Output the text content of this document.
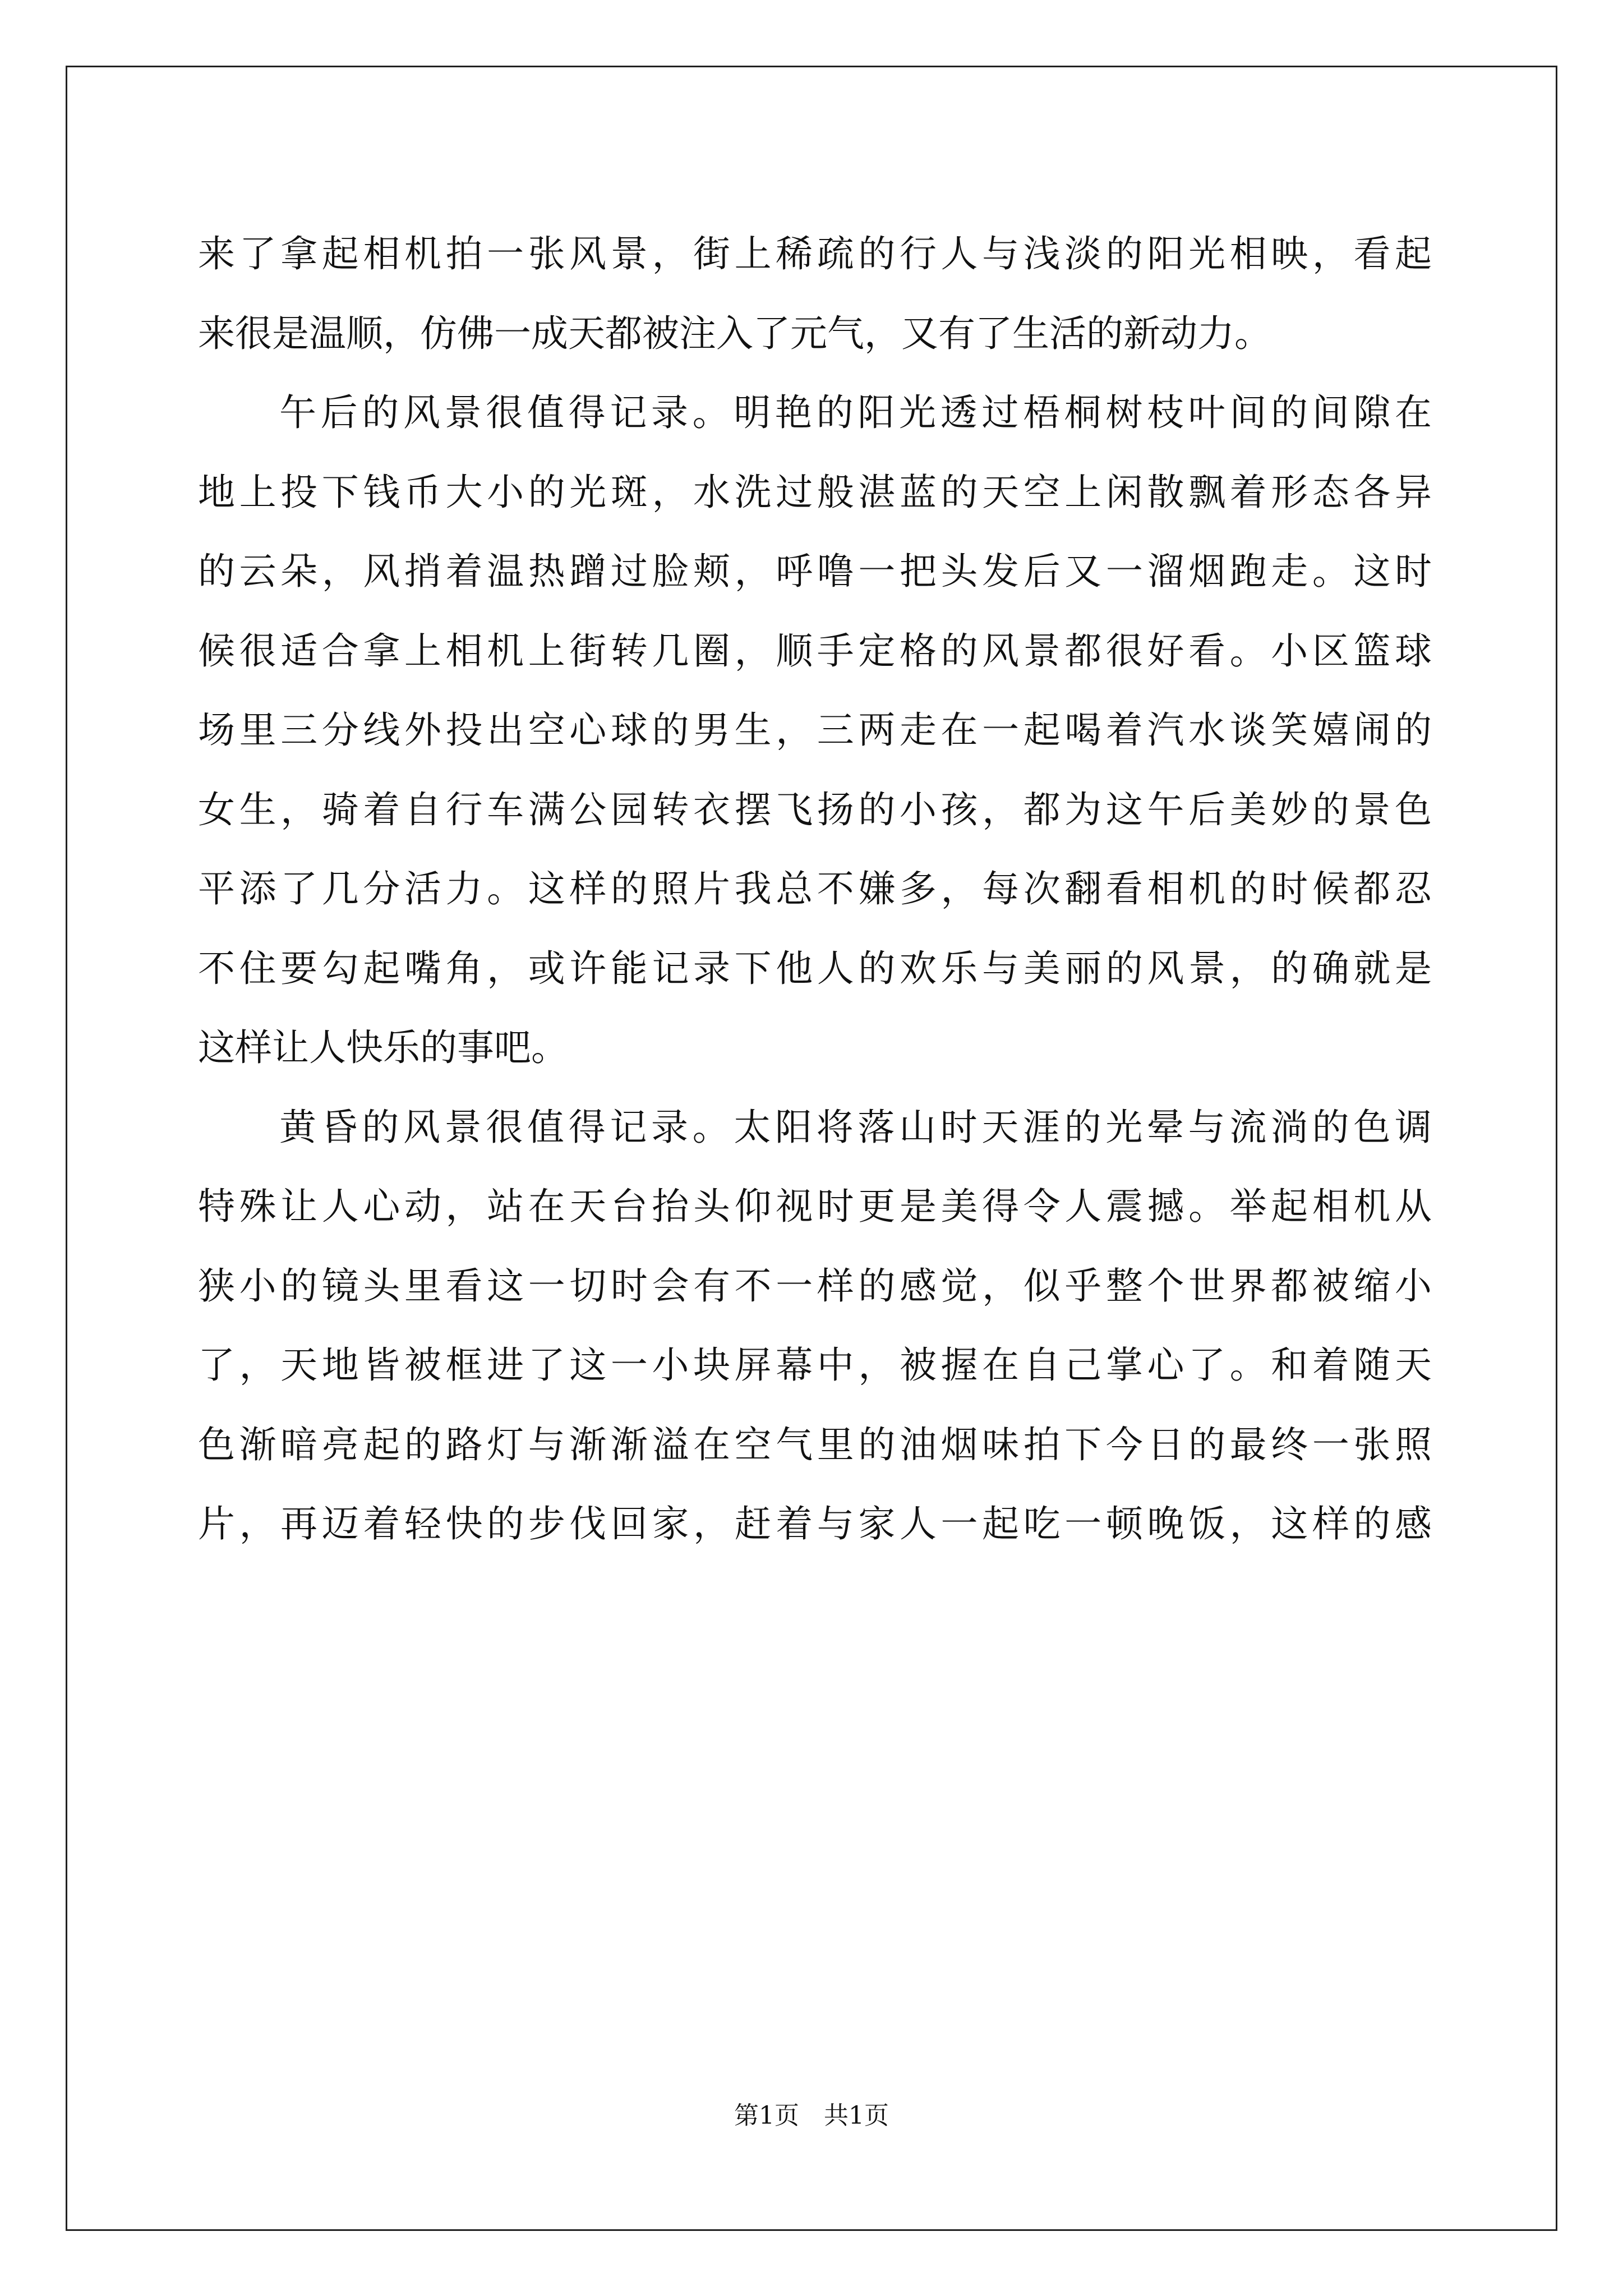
来了拿起相机拍一张风景，街上稀疏的行人与浅淡的阳光相映，看起
来很是温顺，仿佛一成天都被注入了元气，又有了生活的新动力。
午后的风景很值得记录。明艳的阳光透过梧桐树枝叶间的间隙在
地上投下钱币大小的光斑，水洗过般湛蓝的天空上闲散飘着形态各异
的云朵，风捎着温热蹭过脸颊，呼噜一把头发后又一溜烟跑走。这时
候很适合拿上相机上街转几圈，顺手定格的风景都很好看。小区篮球
场里三分线外投出空心球的男生，三两走在一起喝着汽水谈笑嬉闹的
女生，骑着自行车满公园转衣摆飞扬的小孩，都为这午后美妙的景色
平添了几分活力。这样的照片我总不嫌多，每次翻看相机的时候都忍
不住要勾起嘴角，或许能记录下他人的欢乐与美丽的风景，的确就是
这样让人快乐的事吧。
黄昏的风景很值得记录。太阳将落山时天涯的光晕与流淌的色调
特殊让人心动，站在天台抬头仰视时更是美得令人震撼。举起相机从
狭小的镜头里看这一切时会有不一样的感觉，似乎整个世界都被缩小
了，天地皆被框进了这一小块屏幕中，被握在自己掌心了。和着随天
色渐暗亮起的路灯与渐渐溢在空气里的油烟味拍下今日的最终一张照
片，再迈着轻快的步伐回家，赶着与家人一起吃一顿晚饭，这样的感
第1页　共1页
